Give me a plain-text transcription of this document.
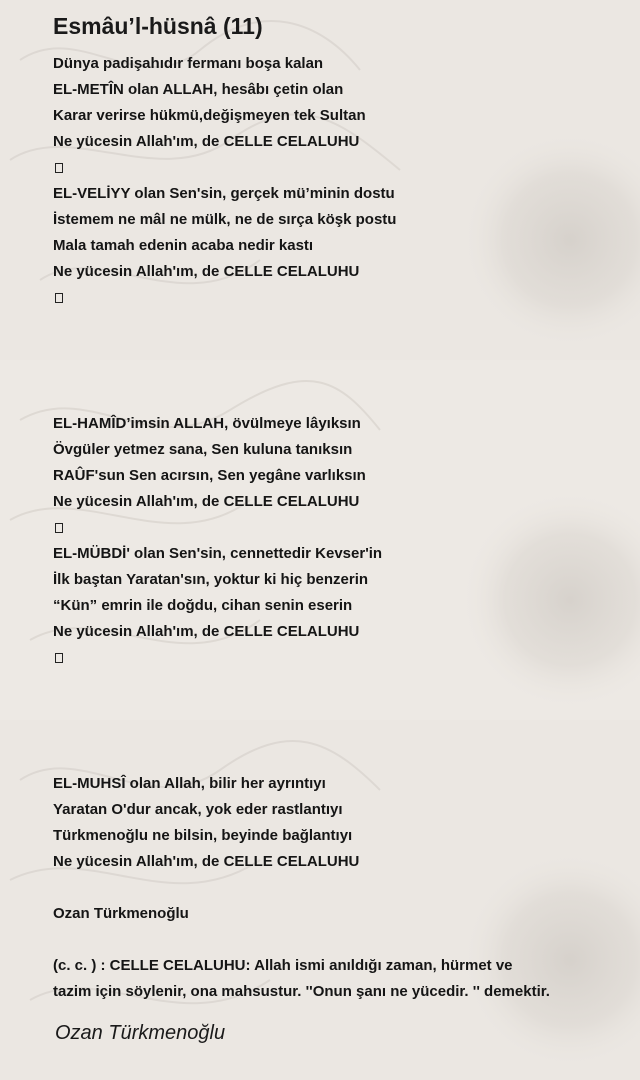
Esmâu’l-hüsnâ (11)
Dünya padişahıdır fermanı boşa kalan
EL-METÎN olan ALLAH, hesâbı çetin olan
Karar verirse hükmü,değişmeyen tek Sultan
Ne yücesin Allah'ım, de CELLE CELALUHU
EL-VELİYY olan Sen'sin, gerçek mü’minin dostu
İstemem ne mâl ne mülk, ne de sırça köşk postu
Mala tamah edenin acaba nedir kastı
Ne yücesin Allah'ım, de CELLE CELALUHU
EL-HAMÎD’imsin ALLAH, övülmeye lâyıksın
Övgüler yetmez sana, Sen kuluna tanıksın
RAÛF'sun Sen acırsın, Sen yegâne varlıksın
Ne yücesin Allah'ım, de CELLE CELALUHU
EL-MÜBDİ' olan Sen'sin, cennettedir Kevser'in
İlk baştan Yaratan'sın, yoktur ki hiç benzerin
“Kün” emrin ile doğdu, cihan senin eserin
Ne yücesin Allah'ım, de CELLE CELALUHU
EL-MUHSÎ olan Allah, bilir her ayrıntıyı
Yaratan O'dur ancak, yok eder rastlantıyı
Türkmenoğlu ne bilsin, beyinde bağlantıyı
Ne yücesin Allah'ım, de CELLE CELALUHU
Ozan Türkmenoğlu
(c. c. ) : CELLE CELALUHU: Allah ismi anıldığı zaman, hürmet ve
tazim için söylenir, ona mahsustur. ''Onun şanı ne yücedir. '' demektir.
Ozan Türkmenoğlu
